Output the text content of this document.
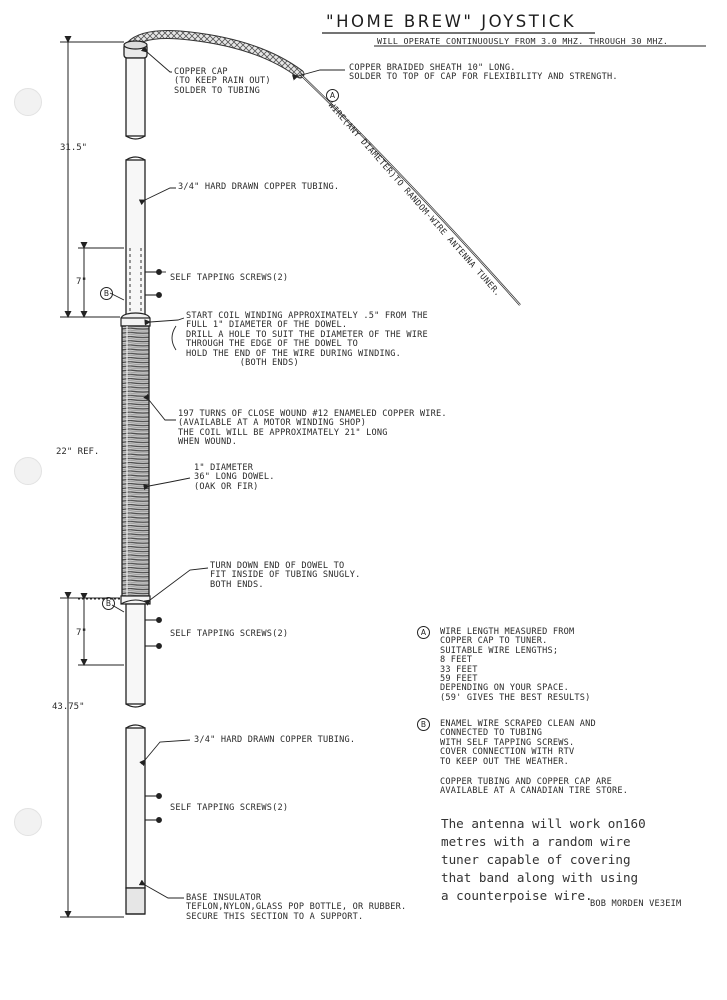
"HOME BREW" JOYSTICK
WILL OPERATE CONTINUOUSLY FROM 3.0 MHZ. THROUGH 30 MHZ.
COPPER CAP
(TO KEEP RAIN OUT)
SOLDER TO TUBING
COPPER BRAIDED SHEATH 10" LONG.
SOLDER TO TOP OF CAP FOR FLEXIBILITY AND STRENGTH.
A
WIRE(ANY DIAMETER)TO RANDOM-WIRE ANTENNA TUNER.
3/4" HARD DRAWN COPPER TUBING.
SELF TAPPING SCREWS(2)
B
START COIL WINDING APPROXIMATELY .5" FROM THE
FULL 1" DIAMETER OF THE DOWEL.
DRILL A HOLE TO SUIT THE DIAMETER OF THE WIRE
THROUGH THE EDGE OF THE DOWEL TO
HOLD THE END OF THE WIRE DURING WINDING.
(BOTH ENDS)
197 TURNS OF CLOSE WOUND #12 ENAMELED COPPER WIRE.
(AVAILABLE AT A MOTOR WINDING SHOP)
THE COIL WILL BE APPROXIMATELY 21" LONG
WHEN WOUND.
1" DIAMETER
36" LONG DOWEL.
(OAK OR FIR)
TURN DOWN END OF DOWEL TO
FIT INSIDE OF TUBING SNUGLY.
BOTH ENDS.
B
SELF TAPPING SCREWS(2)
3/4" HARD DRAWN COPPER TUBING.
SELF TAPPING SCREWS(2)
BASE INSULATOR
TEFLON,NYLON,GLASS POP BOTTLE, OR RUBBER.
SECURE THIS SECTION TO A SUPPORT.
31.5"
22" REF.
7"
7"
43.75"
A	WIRE LENGTH MEASURED FROM
COPPER CAP TO TUNER.
SUITABLE WIRE LENGTHS;
8 FEET
33 FEET
59 FEET
DEPENDING ON YOUR SPACE.
(59' GIVES THE BEST RESULTS)
B	ENAMEL WIRE SCRAPED CLEAN AND
CONNECTED TO TUBING
WITH SELF TAPPING SCREWS.
COVER CONNECTION WITH RTV
TO KEEP OUT THE WEATHER.
COPPER TUBING AND COPPER CAP ARE
AVAILABLE AT A CANADIAN TIRE STORE.
The antenna will work on160
metres with a random wire
tuner capable of covering
that band along with using
a counterpoise wire.
BOB MORDEN VE3EIM
